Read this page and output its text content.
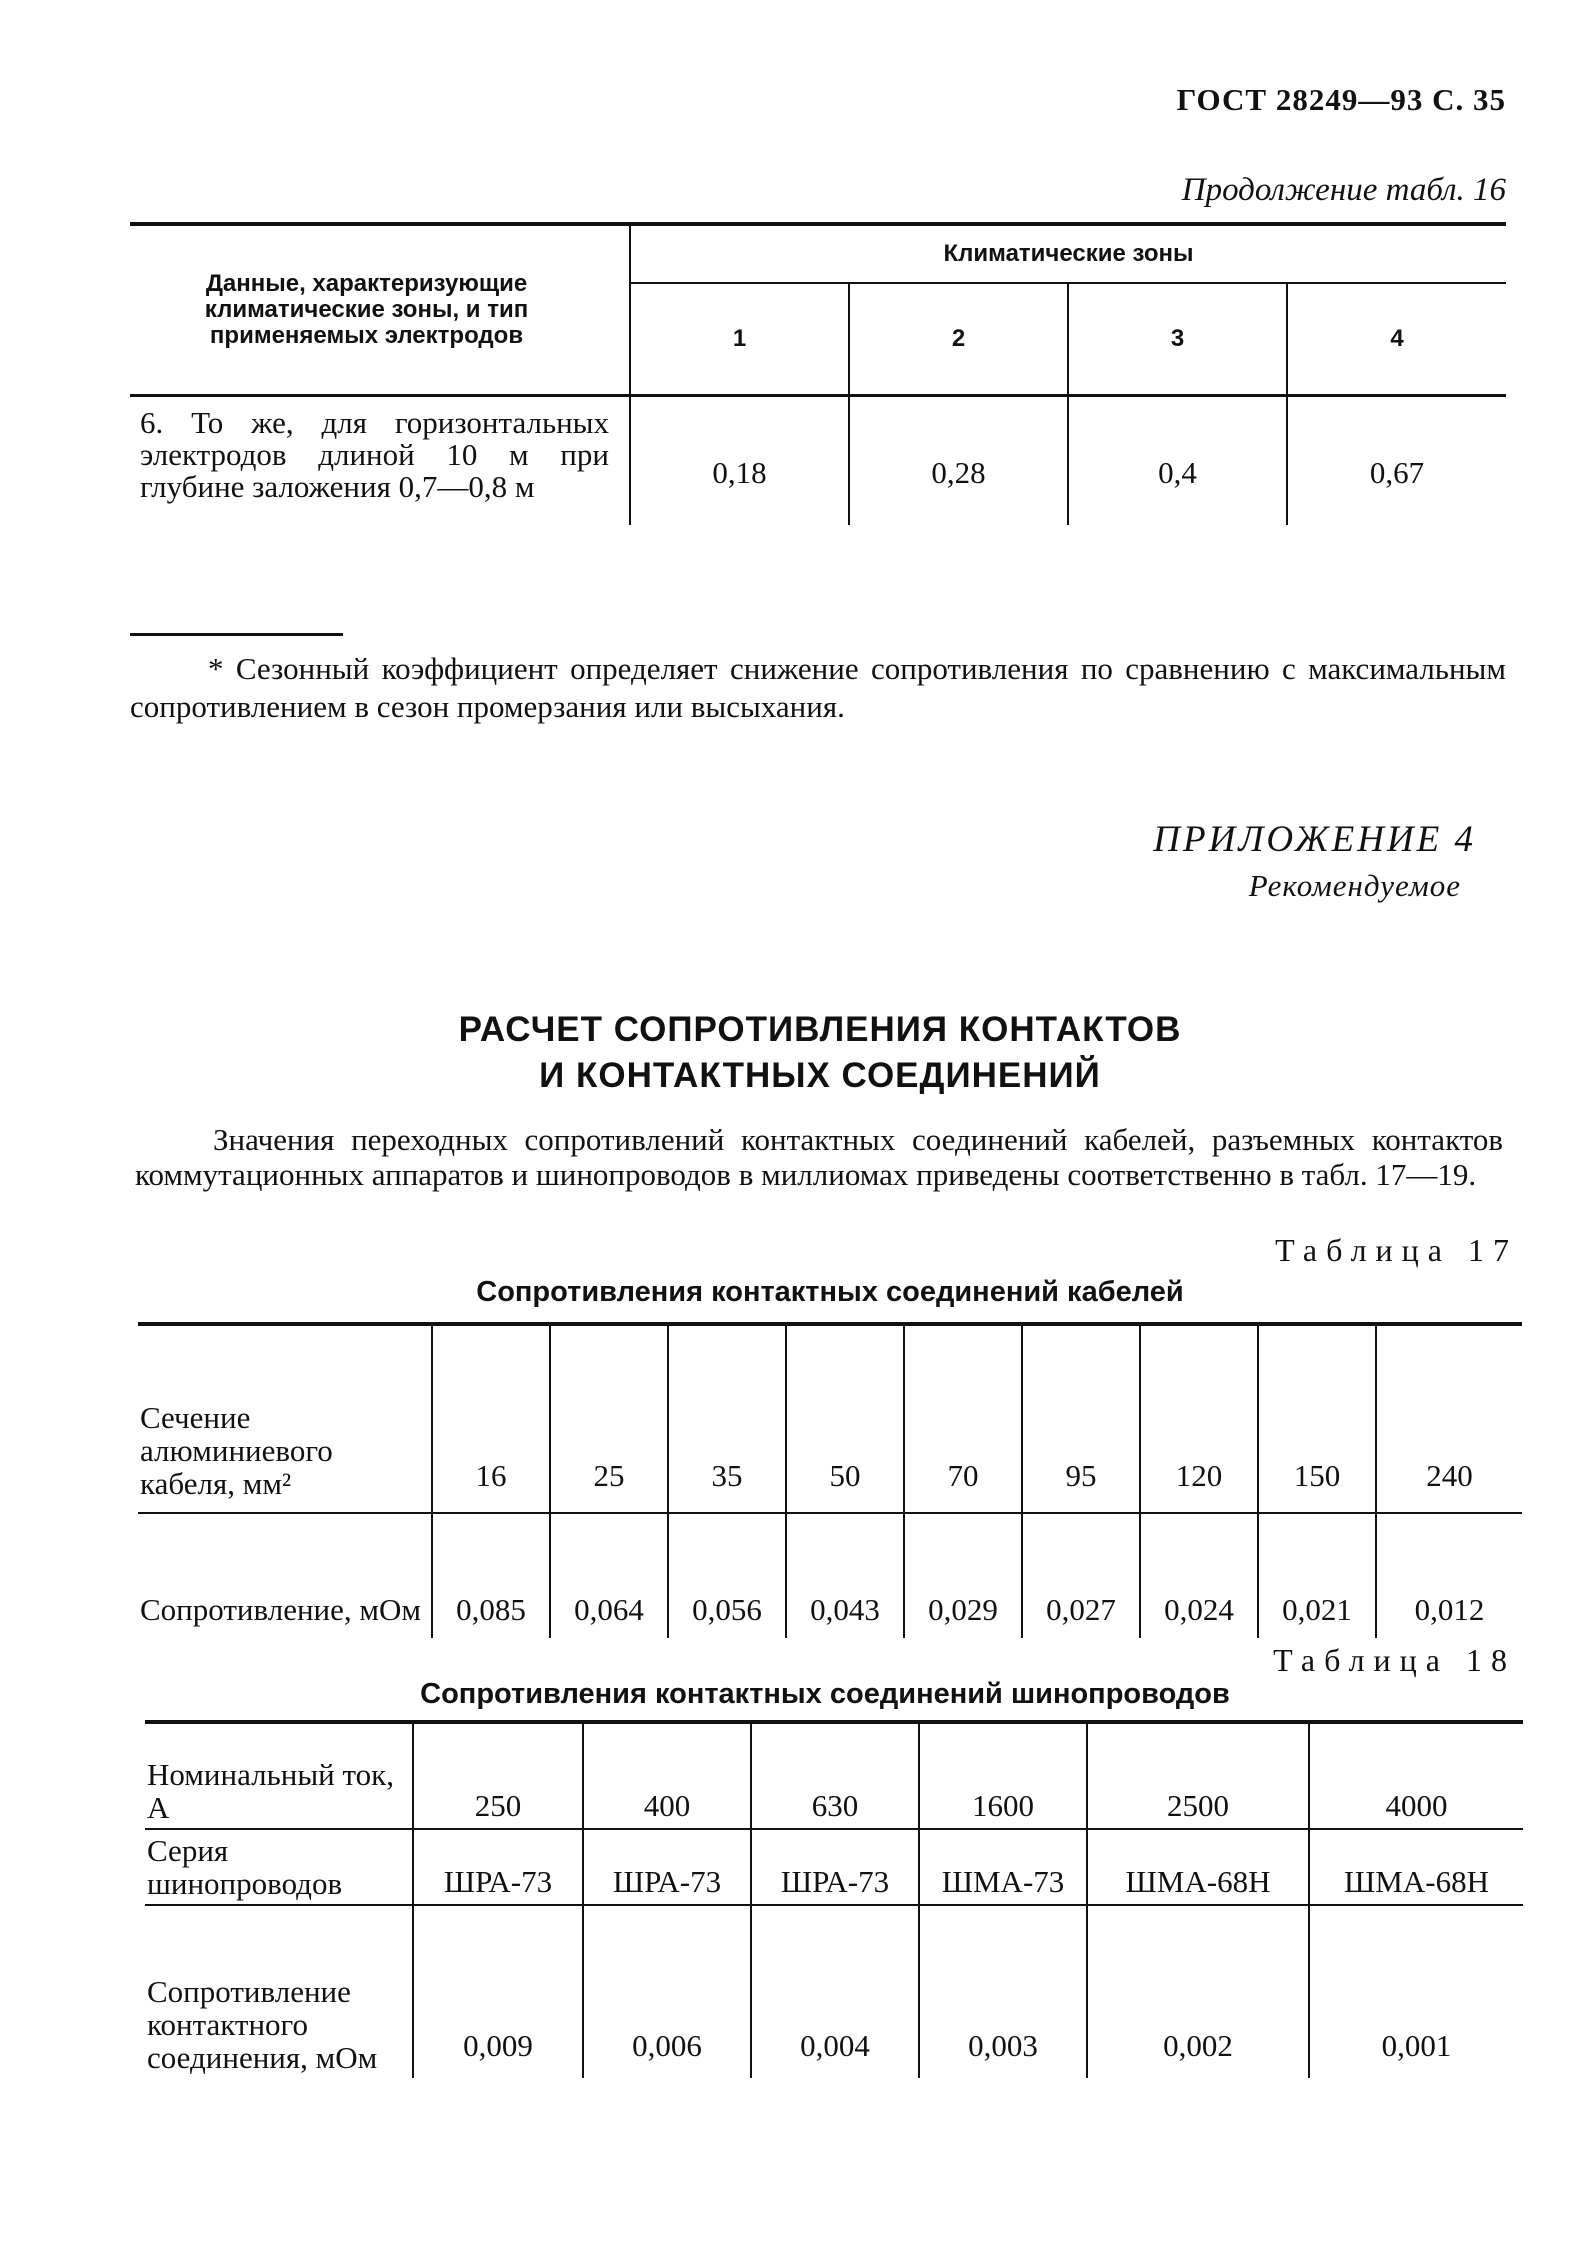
ГОСТ 28249—93 С. 35
Продолжение табл. 16
Данные, характеризующие климатические зоны, и тип применяемых электродов	Климатические зоны			
	1	2	3	4
6. То же, для горизонтальных электродов длиной 10 м при глубине заложения 0,7—0,8 м	0,18	0,28	0,4	0,67
* Сезонный коэффициент определяет снижение сопротивления по сравнению с максимальным сопротивлением в сезон промерзания или высыхания.
ПРИЛОЖЕНИЕ 4
Рекомендуемое
РАСЧЕТ СОПРОТИВЛЕНИЯ КОНТАКТОВ
И КОНТАКТНЫХ СОЕДИНЕНИЙ
Значения переходных сопротивлений контактных соединений кабелей, разъемных контактов коммутационных аппаратов и шинопроводов в миллиомах приведены соответственно в табл. 17—19.
Таблица 17
Сопротивления контактных соединений кабелей
Сечение алюминиевого кабеля, мм²	16	25	35	50	70	95	120	150	240
Сопротивление, мОм	0,085	0,064	0,056	0,043	0,029	0,027	0,024	0,021	0,012
Таблица 18
Сопротивления контактных соединений шинопроводов
Номинальный ток, А	250	400	630	1600	2500	4000
Серия шинопроводов	ШРА-73	ШРА-73	ШРА-73	ШМА-73	ШМА-68Н	ШМА-68Н
Сопротивление контактного соединения, мОм	0,009	0,006	0,004	0,003	0,002	0,001
